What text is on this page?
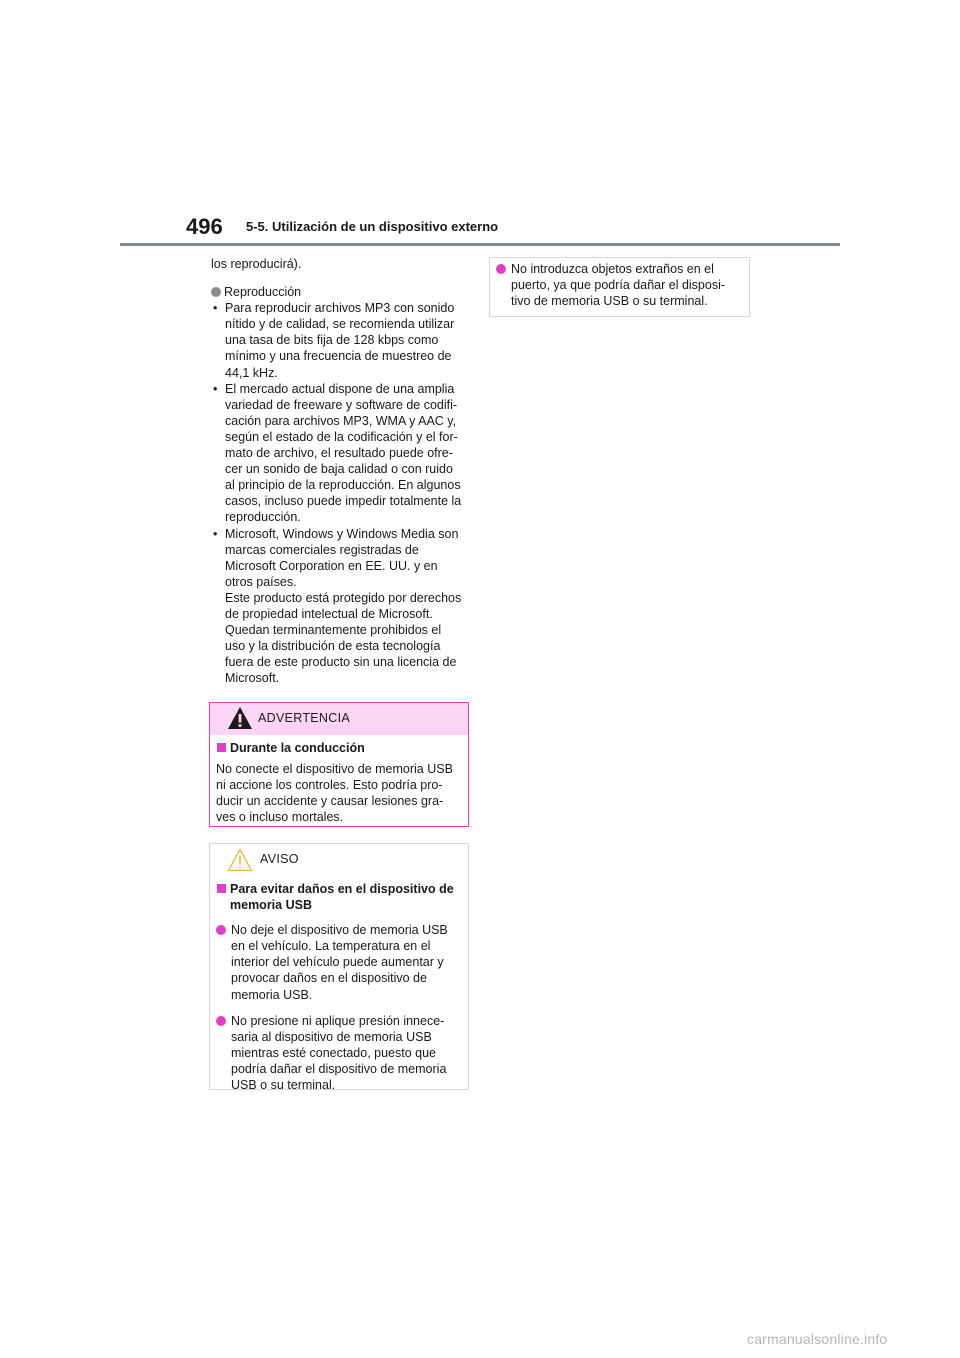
496 5-5. Utilización de un dispositivo externo

los reproducirá).

Reproducción
• Para reproducir archivos MP3 con sonido
nítido y de calidad, se recomienda utilizar
una tasa de bits fija de 128 kbps como
mínimo y una frecuencia de muestreo de
44,1 kHz.
• El mercado actual dispone de una amplia
variedad de freeware y software de codifi-
cación para archivos MP3, WMA y AAC y,
según el estado de la codificación y el for-
mato de archivo, el resultado puede ofre-
cer un sonido de baja calidad o con ruido
al principio de la reproducción. En algunos
casos, incluso puede impedir totalmente la
reproducción.
• Microsoft, Windows y Windows Media son
marcas comerciales registradas de
Microsoft Corporation en EE. UU. y en
otros países.
Este producto está protegido por derechos
de propiedad intelectual de Microsoft.
Quedan terminantemente prohibidos el
uso y la distribución de esta tecnología
fuera de este producto sin una licencia de
Microsoft.
ADVERTENCIA
Durante la conducción
No conecte el dispositivo de memoria USB
ni accione los controles. Esto podría pro-
ducir un accidente y causar lesiones gra-
ves o incluso mortales.
AVISO
Para evitar daños en el dispositivo de
memoria USB
No deje el dispositivo de memoria USB
en el vehículo. La temperatura en el
interior del vehículo puede aumentar y
provocar daños en el dispositivo de
memoria USB.
No presione ni aplique presión innece-
saria al dispositivo de memoria USB
mientras esté conectado, puesto que
podría dañar el dispositivo de memoria
USB o su terminal.
No introduzca objetos extraños en el
puerto, ya que podría dañar el disposi-
tivo de memoria USB o su terminal.
carmanualsonline.info
